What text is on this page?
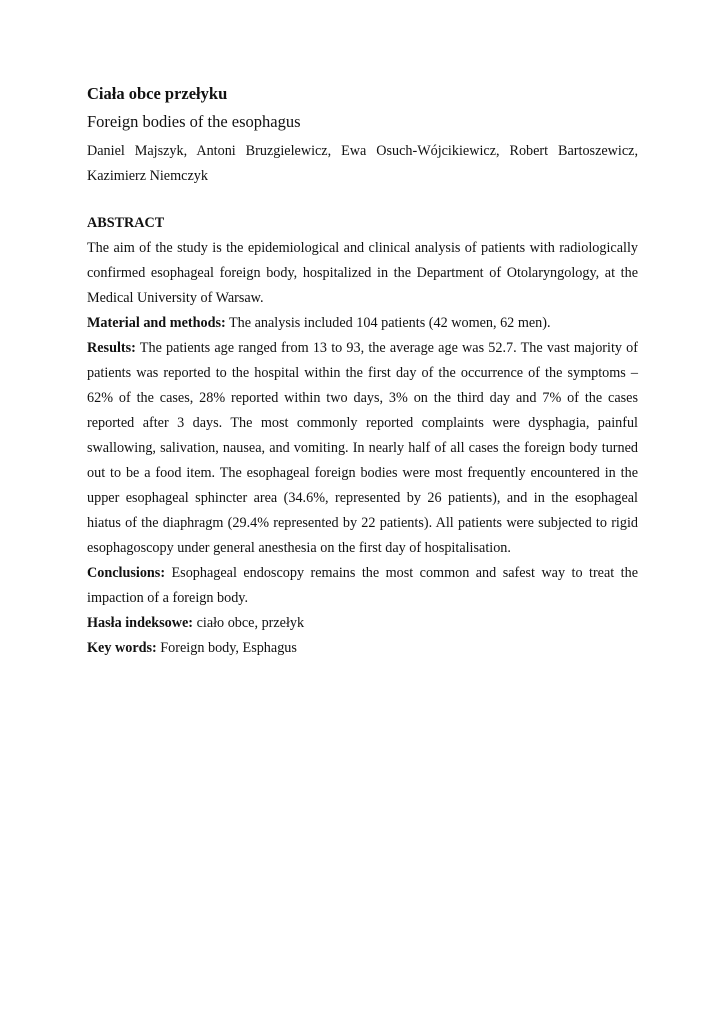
Ciała obce przełyku
Foreign bodies of the esophagus

Daniel Majszyk, Antoni Bruzgielewicz, Ewa Osuch-Wójcikiewicz, Robert Bartoszewicz, Kazimierz Niemczyk

ABSTRACT

The aim of the study is the epidemiological and clinical analysis of patients with radiologically confirmed esophageal foreign body, hospitalized in the Department of Otolaryngology, at the Medical University of Warsaw.

Material and methods: The analysis included 104 patients (42 women, 62 men).

Results: The patients age ranged from 13 to 93, the average age was 52.7. The vast majority of patients was reported to the hospital within the first day of the occurrence of the symptoms – 62% of the cases, 28% reported within two days, 3% on the third day and 7% of the cases reported after 3 days. The most commonly reported complaints were dysphagia, painful swallowing, salivation, nausea, and vomiting. In nearly half of all cases the foreign body turned out to be a food item. The esophageal foreign bodies were most frequently encountered in the upper esophageal sphincter area (34.6%, represented by 26 patients), and in the esophageal hiatus of the diaphragm (29.4% represented by 22 patients). All patients were subjected to rigid esophagoscopy under general anesthesia on the first day of hospitalisation.

Conclusions: Esophageal endoscopy remains the most common and safest way to treat the impaction of a foreign body.

Hasła indeksowe: ciało obce, przełyk

Key words: Foreign body, Esphagus
